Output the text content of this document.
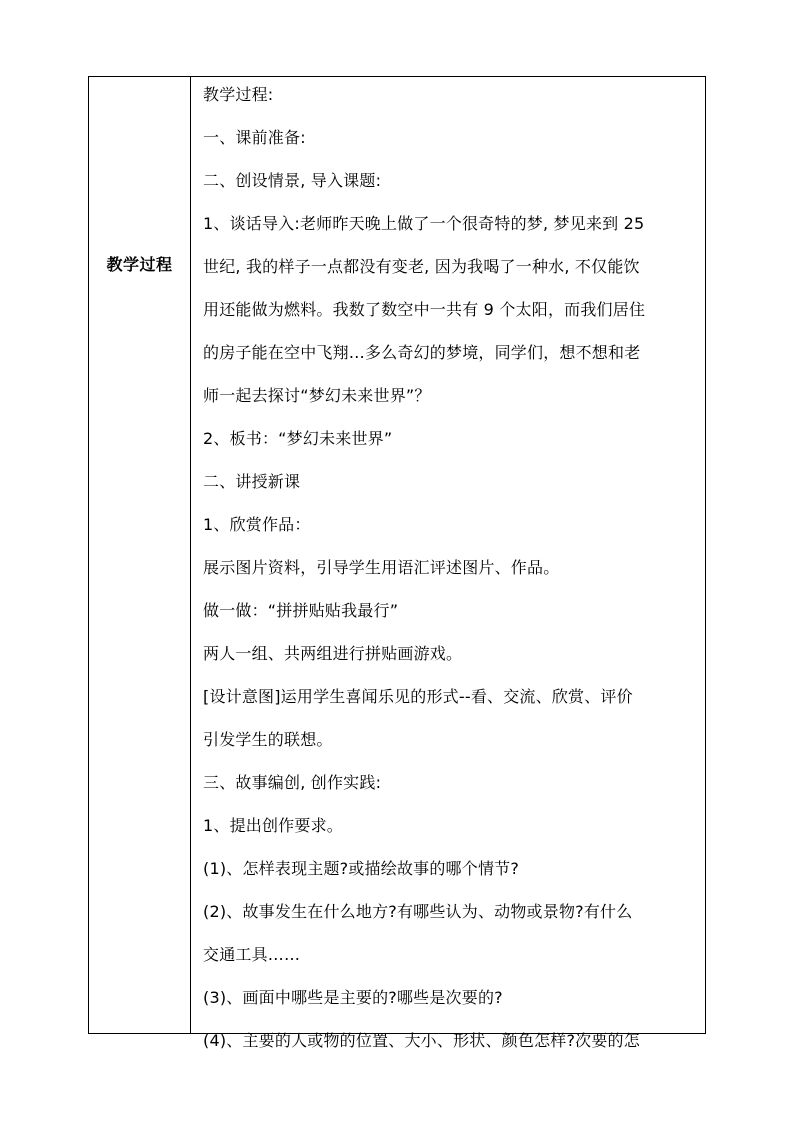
教学过程
教学过程:
一、课前准备:
二、创设情景, 导入课题:
1、谈话导入:老师昨天晚上做了一个很奇特的梦, 梦见来到 25
世纪, 我的样子一点都没有变老, 因为我喝了一种水, 不仅能饮
用还能做为燃料。我数了数空中一共有 9 个太阳，而我们居住
的房子能在空中飞翔…多么奇幻的梦境，同学们，想不想和老
师一起去探讨“梦幻未来世界”？
2、板书：“梦幻未来世界”
二、讲授新课
1、欣赏作品：
展示图片资料，引导学生用语汇评述图片、作品。
做一做：“拼拼贴贴我最行”
两人一组、共两组进行拼贴画游戏。
[设计意图]运用学生喜闻乐见的形式--看、交流、欣赏、评价
引发学生的联想。
三、故事编创, 创作实践:
1、提出创作要求。
(1)、怎样表现主题?或描绘故事的哪个情节?
(2)、故事发生在什么地方?有哪些认为、动物或景物?有什么
交通工具……
(3)、画面中哪些是主要的?哪些是次要的?
(4)、主要的人或物的位置、大小、形状、颜色怎样?次要的怎
